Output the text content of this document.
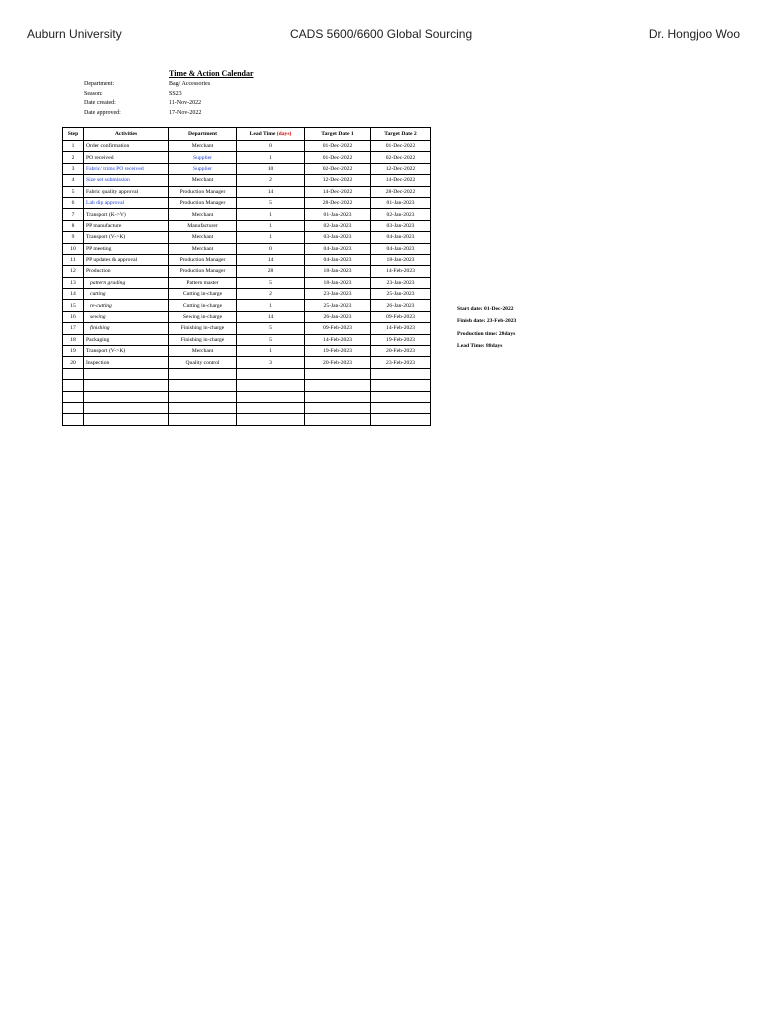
Auburn University	CADS 5600/6600 Global Sourcing	Dr. Hongjoo Woo
Time & Action Calendar
Department:	Bag/ Accessories
Season:	SS23
Date created:	11-Nov-2022
Date approved:	17-Nov-2022
Step	Activities	Department	Lead Time (days)	Target Date 1	Target Date 2
1	Order confirmation	Merchant	0	01-Dec-2022	01-Dec-2022
2	PO received	Supplier	1	01-Dec-2022	02-Dec-2022
3	Fabric/ trims PO received	Supplier	10	02-Dec-2022	12-Dec-2022
4	Size set submission	Merchant	2	12-Dec-2022	14-Dec-2022
5	Fabric quality approval	Production Manager	14	14-Dec-2022	28-Dec-2022
6	Lab dip approval	Production Manager	5	28-Dec-2022	01-Jan-2023
7	Transport (K->V)	Merchant	1	01-Jan-2023	02-Jan-2023
8	PP manufacture	Manufacturer	1	02-Jan-2023	03-Jan-2023
9	Transport (V->K)	Merchant	1	03-Jan-2023	04-Jan-2023
10	PP meeting	Merchant	0	04-Jan-2023	04-Jan-2023
11	PP updates & approval	Production Manager	14	04-Jan-2023	18-Jan-2023
12	Production	Production Manager	28	18-Jan-2023	14-Feb-2023
13	pattern grading	Pattern master	5	18-Jan-2023	23-Jan-2023
14	cutting	Cutting in-charge	2	23-Jan-2023	25-Jan-2023
15	re-cutting	Cutting in-charge	1	25-Jan-2023	26-Jan-2023
16	sewing	Sewing in-charge	14	26-Jan-2023	09-Feb-2023
17	finishing	Finishing in-charge	5	09-Feb-2023	14-Feb-2023
18	Packaging	Finishing in-charge	5	14-Feb-2023	19-Feb-2023
19	Transport (V->K)	Merchant	1	19-Feb-2023	20-Feb-2023
20	Inspection	Quality control	3	20-Feb-2023	23-Feb-2023

Start date: 01-Dec-2022
Finish date: 23-Feb-2023
Production time: 28days
Lead Time: 88days
